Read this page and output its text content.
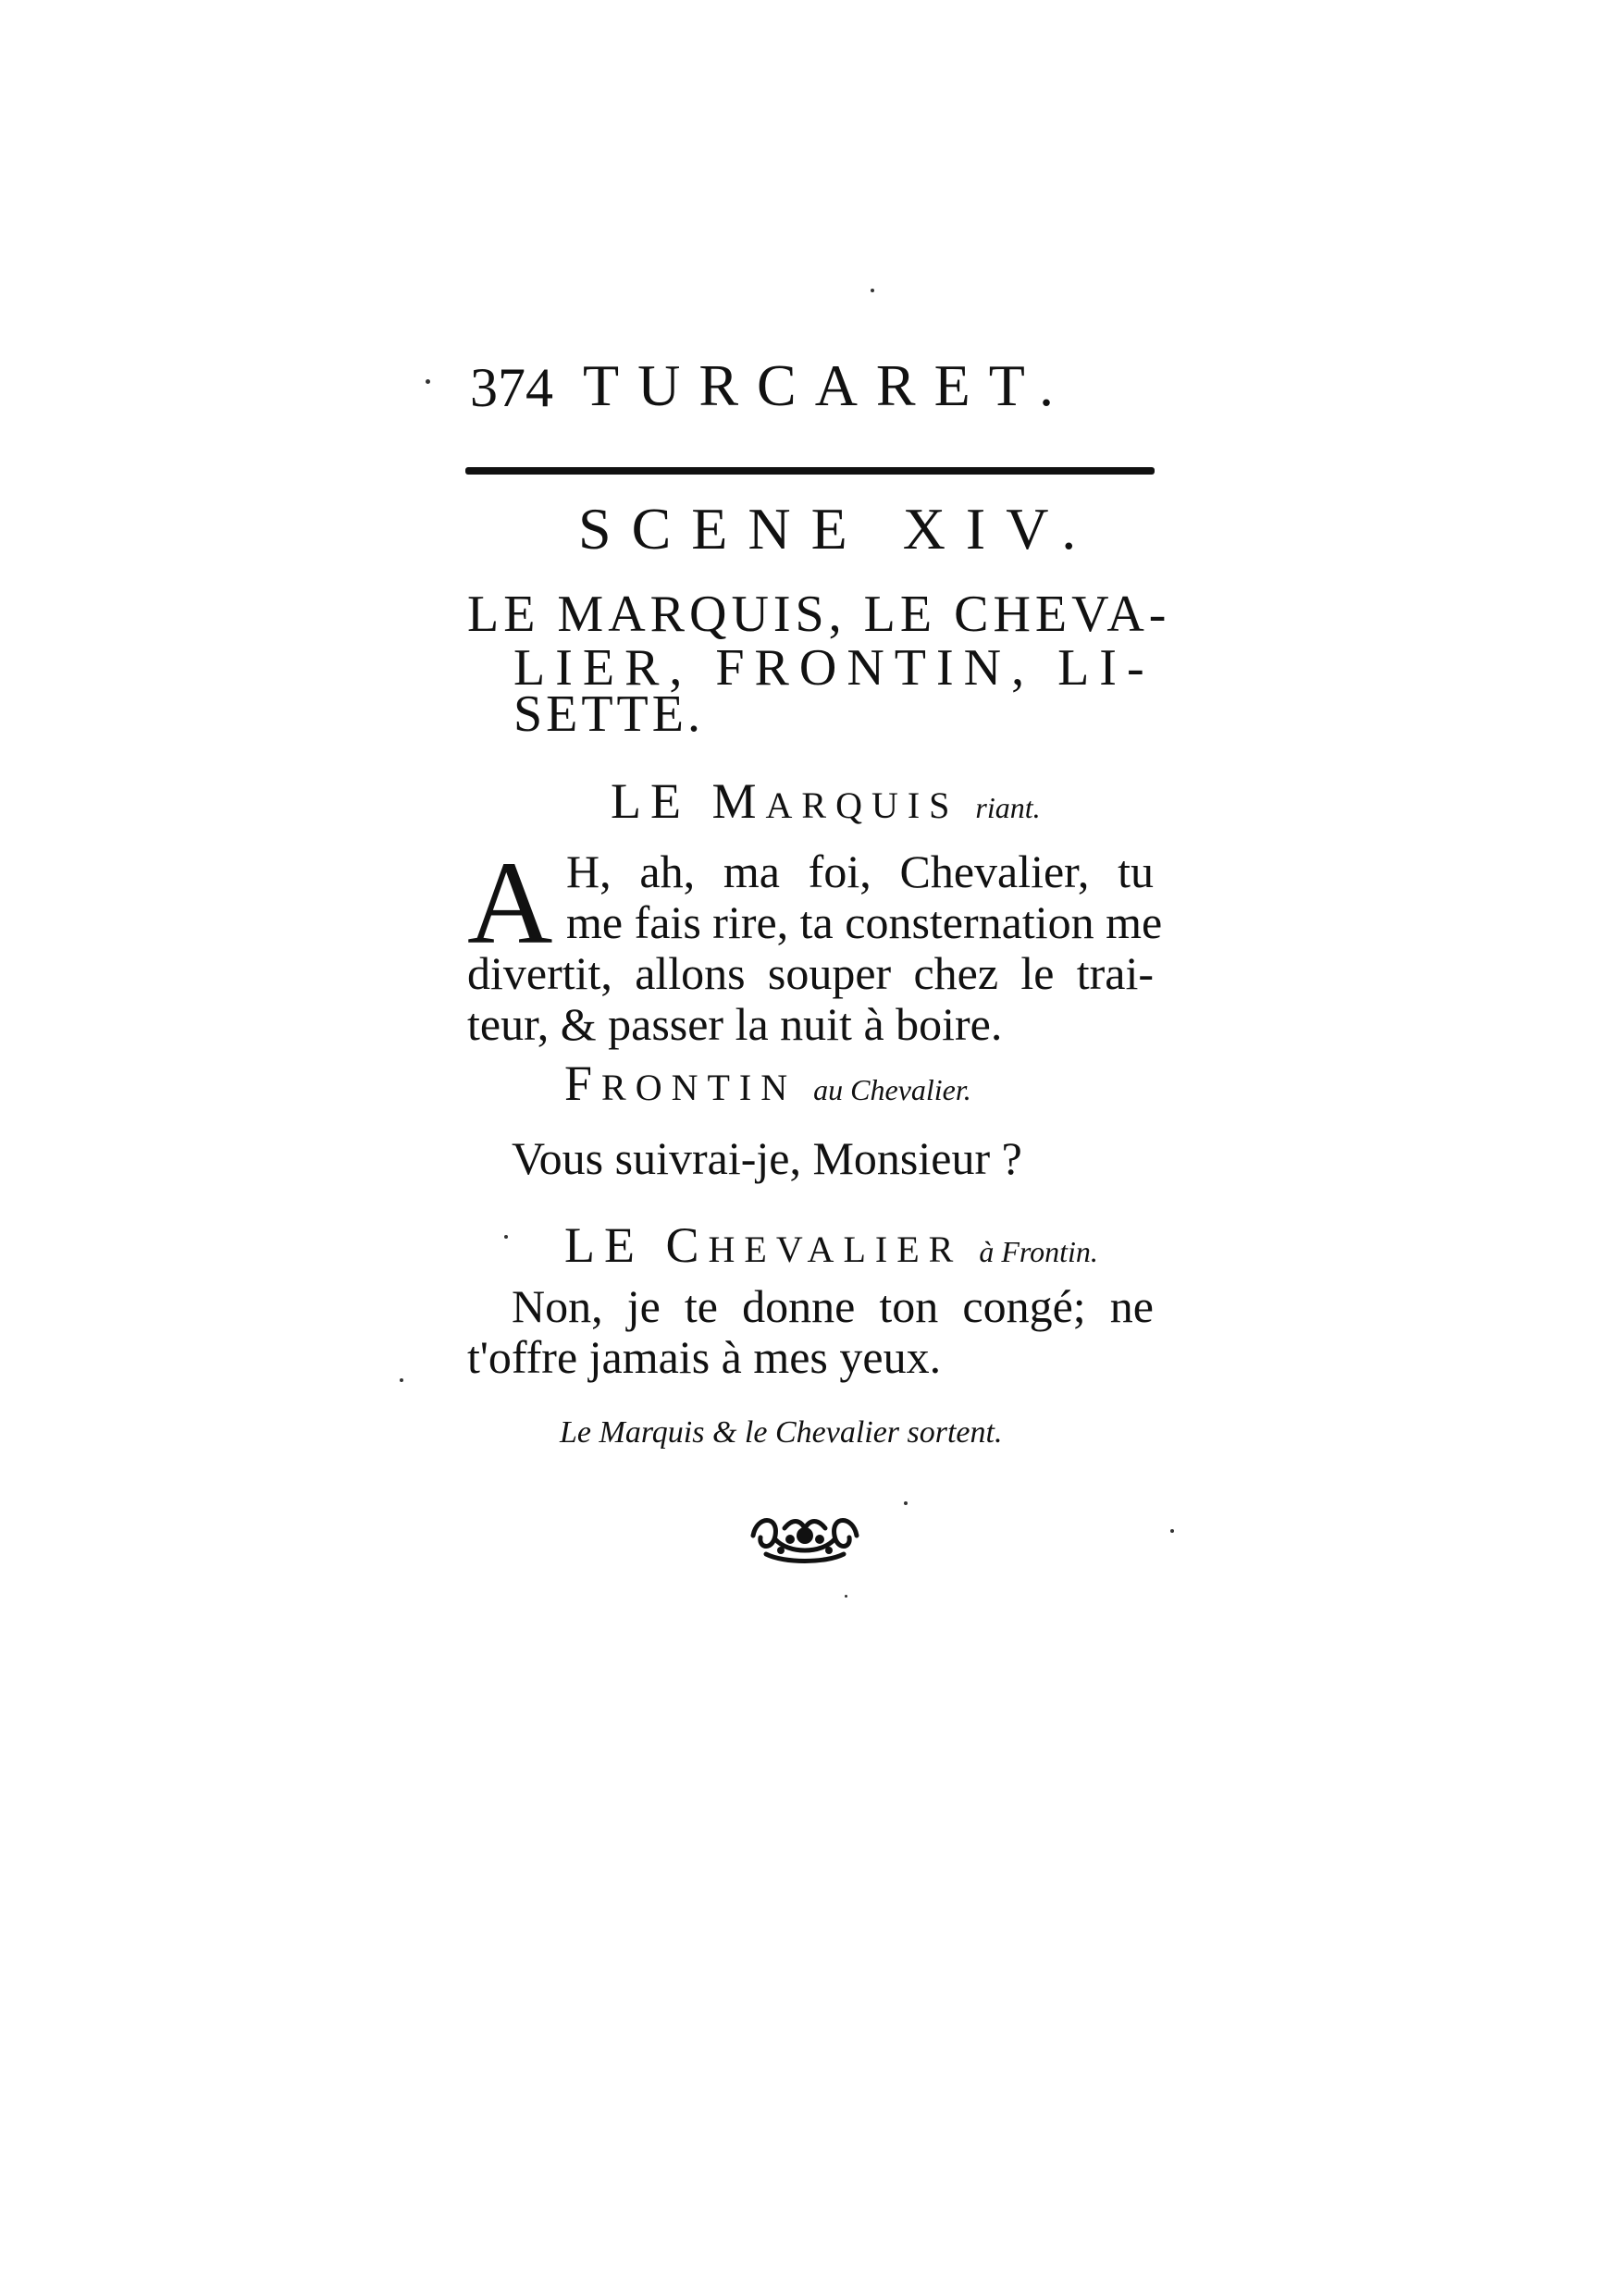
374 TURCARET.
SCENE XIV.
LE MARQUIS, LE CHEVA-
LIER, FRONTIN, LI-
SETTE.
LE MARQUIS riant.
A H, ah, ma foi, Chevalier, tu
me fais rire, ta consternation me
divertit, allons souper chez le trai-
teur, & passer la nuit à boire.
FRONTIN au Chevalier.
Vous suivrai-je, Monsieur ?
LE CHEVALIER à Frontin.
Non, je te donne ton congé; ne
t'offre jamais à mes yeux.
Le Marquis & le Chevalier sortent.
